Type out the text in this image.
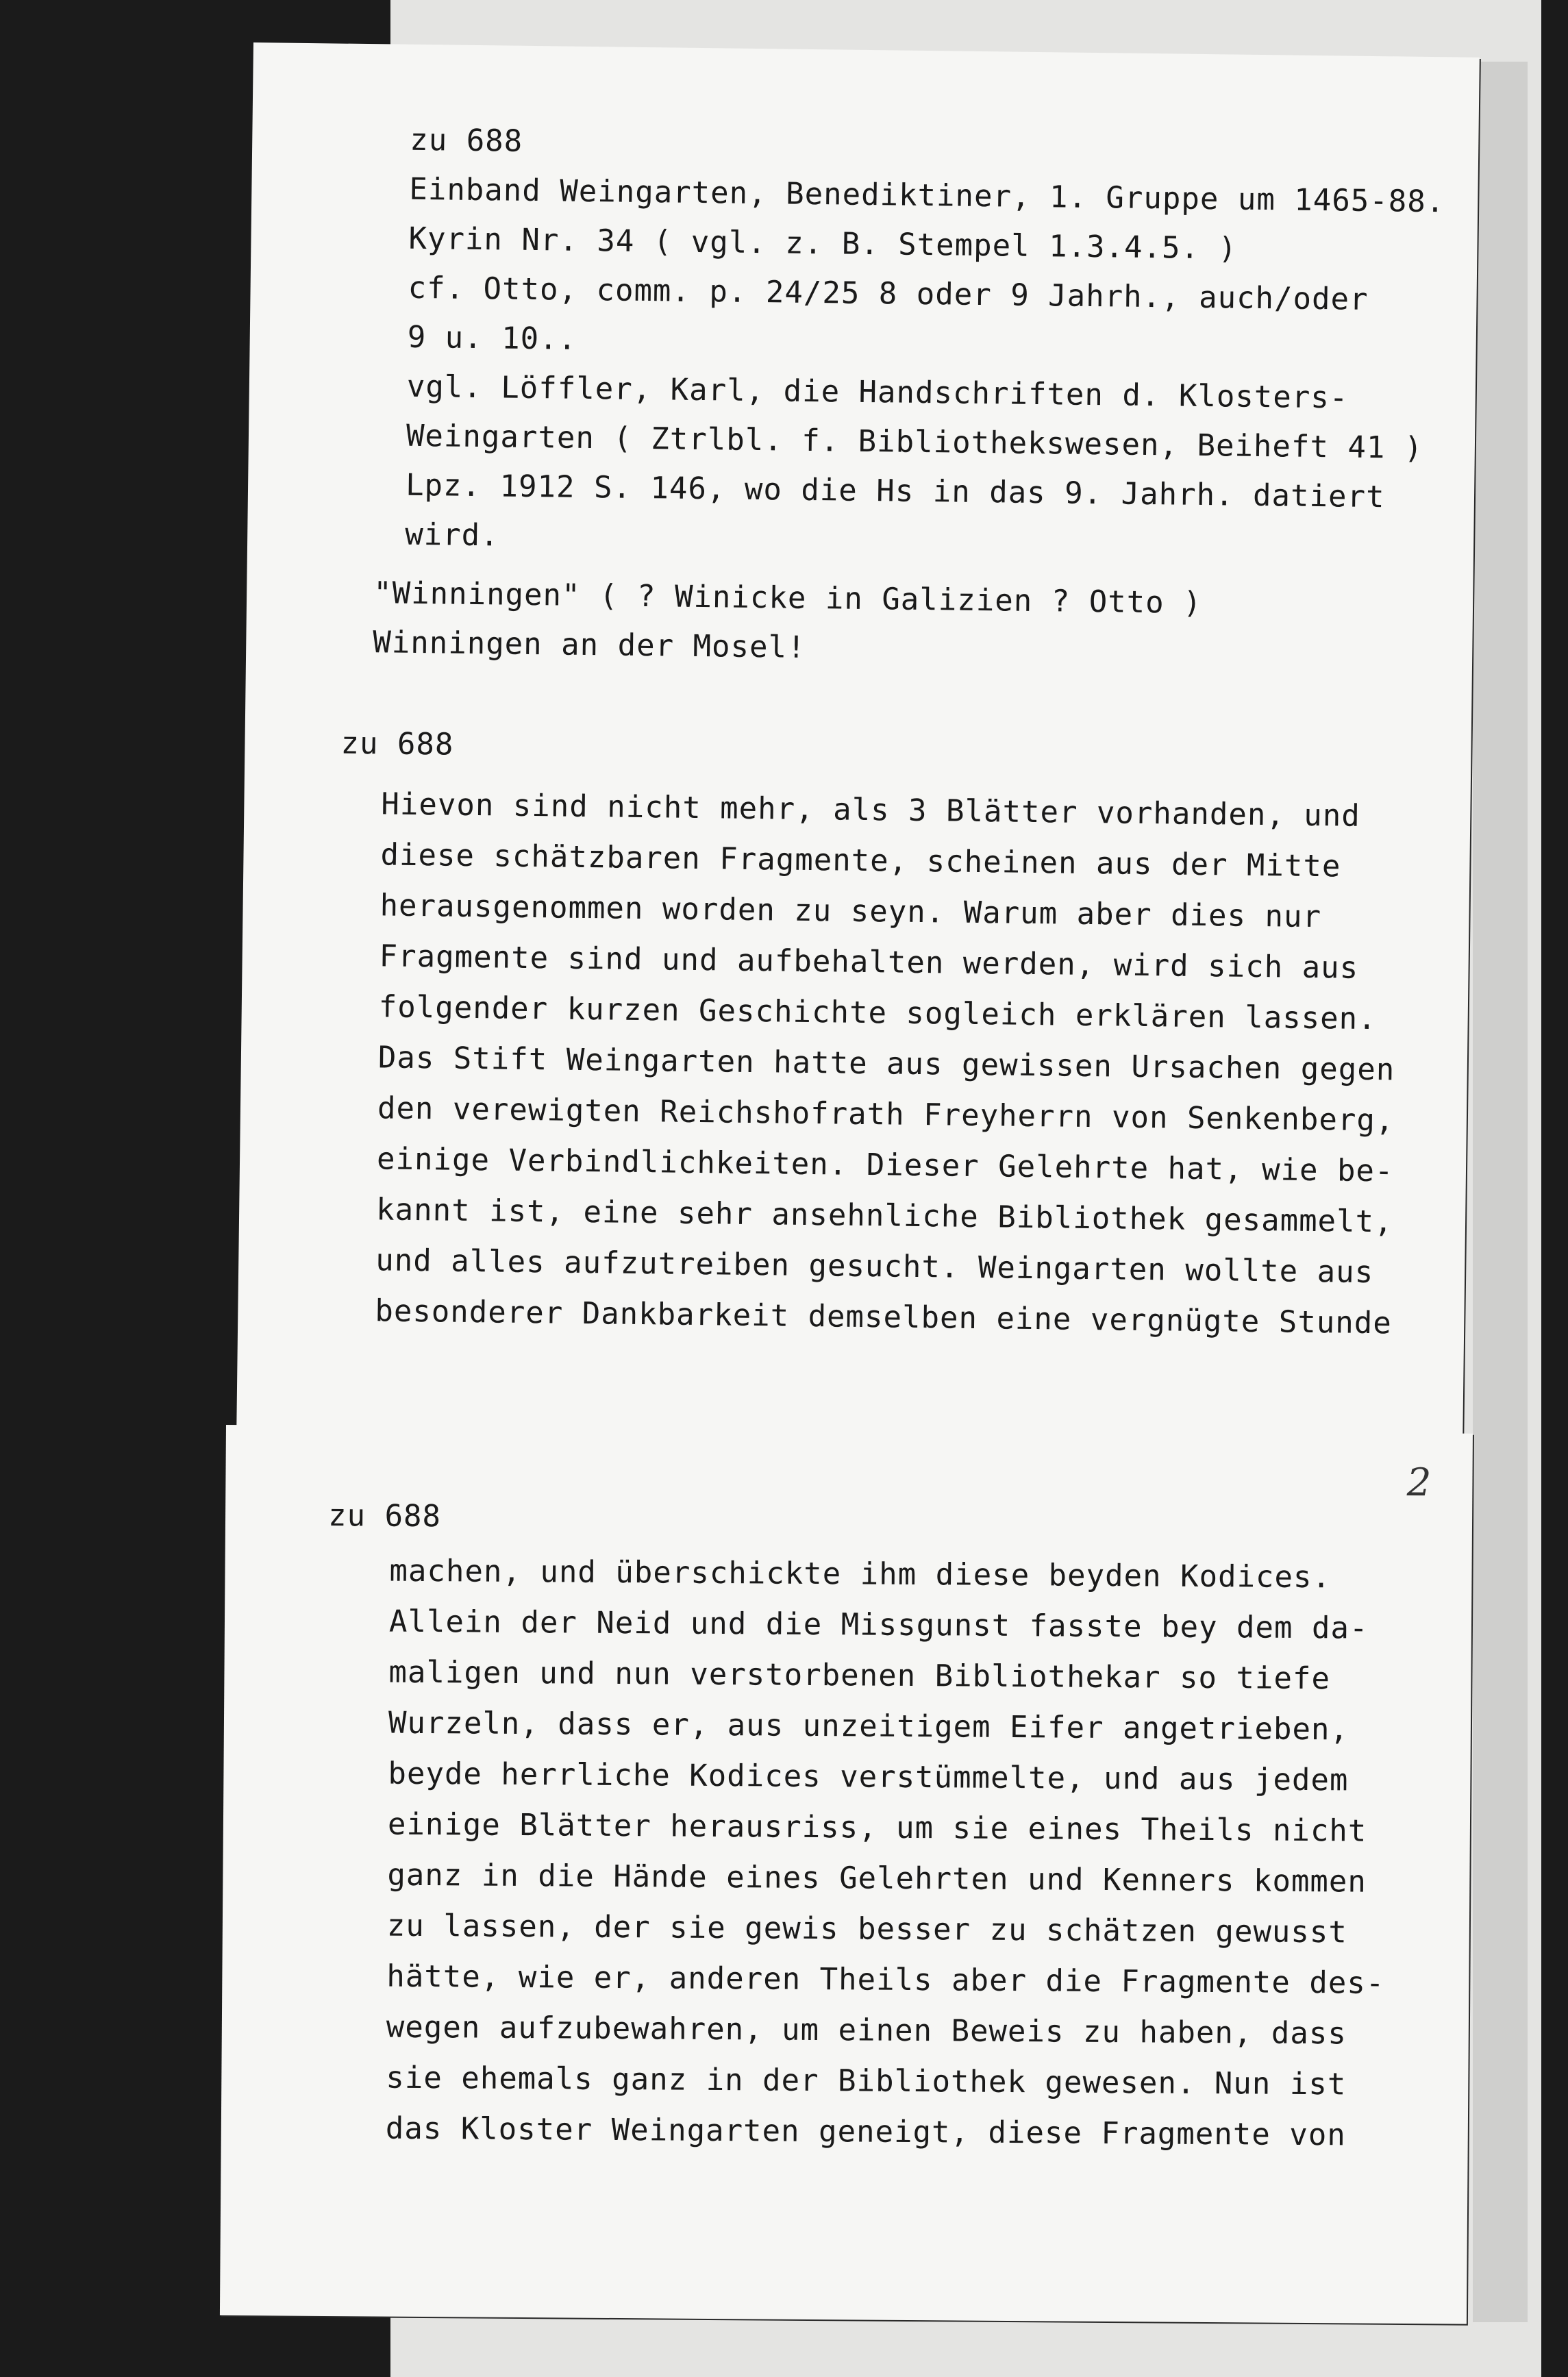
zu 688
Einband Weingarten, Benediktiner, 1. Gruppe um 1465-88.
Kyrin Nr. 34 ( vgl. z. B. Stempel 1.3.4.5. )
cf. Otto, comm. p. 24/25 8 oder 9 Jahrh., auch/oder
9 u. 10..
vgl. Löffler, Karl, die Handschriften d. Klosters-
Weingarten ( Ztrlbl. f. Bibliothekswesen, Beiheft 41 )
Lpz. 1912 S. 146, wo die Hs in das 9. Jahrh. datiert
wird.
"Winningen" ( ? Winicke in Galizien ? Otto )
Winningen an der Mosel!
zu 688
Hievon sind nicht mehr, als 3 Blätter vorhanden, und
diese schätzbaren Fragmente, scheinen aus der Mitte
herausgenommen worden zu seyn. Warum aber dies nur
Fragmente sind und aufbehalten werden, wird sich aus
folgender kurzen Geschichte sogleich erklären lassen.
Das Stift Weingarten hatte aus gewissen Ursachen gegen
den verewigten Reichshofrath Freyherrn von Senkenberg,
einige Verbindlichkeiten. Dieser Gelehrte hat, wie be-
kannt ist, eine sehr ansehnliche Bibliothek gesammelt,
und alles aufzutreiben gesucht. Weingarten wollte aus
besonderer Dankbarkeit demselben eine vergnügte Stunde
2
zu 688
machen, und überschickte ihm diese beyden Kodices.
Allein der Neid und die Missgunst fasste bey dem da-
maligen und nun verstorbenen Bibliothekar so tiefe
Wurzeln, dass er, aus unzeitigem Eifer angetrieben,
beyde herrliche Kodices verstümmelte, und aus jedem
einige Blätter herausriss, um sie eines Theils nicht
ganz in die Hände eines Gelehrten und Kenners kommen
zu lassen, der sie gewis besser zu schätzen gewusst
hätte, wie er, anderen Theils aber die Fragmente des-
wegen aufzubewahren, um einen Beweis zu haben, dass
sie ehemals ganz in der Bibliothek gewesen. Nun ist
das Kloster Weingarten geneigt, diese Fragmente von
